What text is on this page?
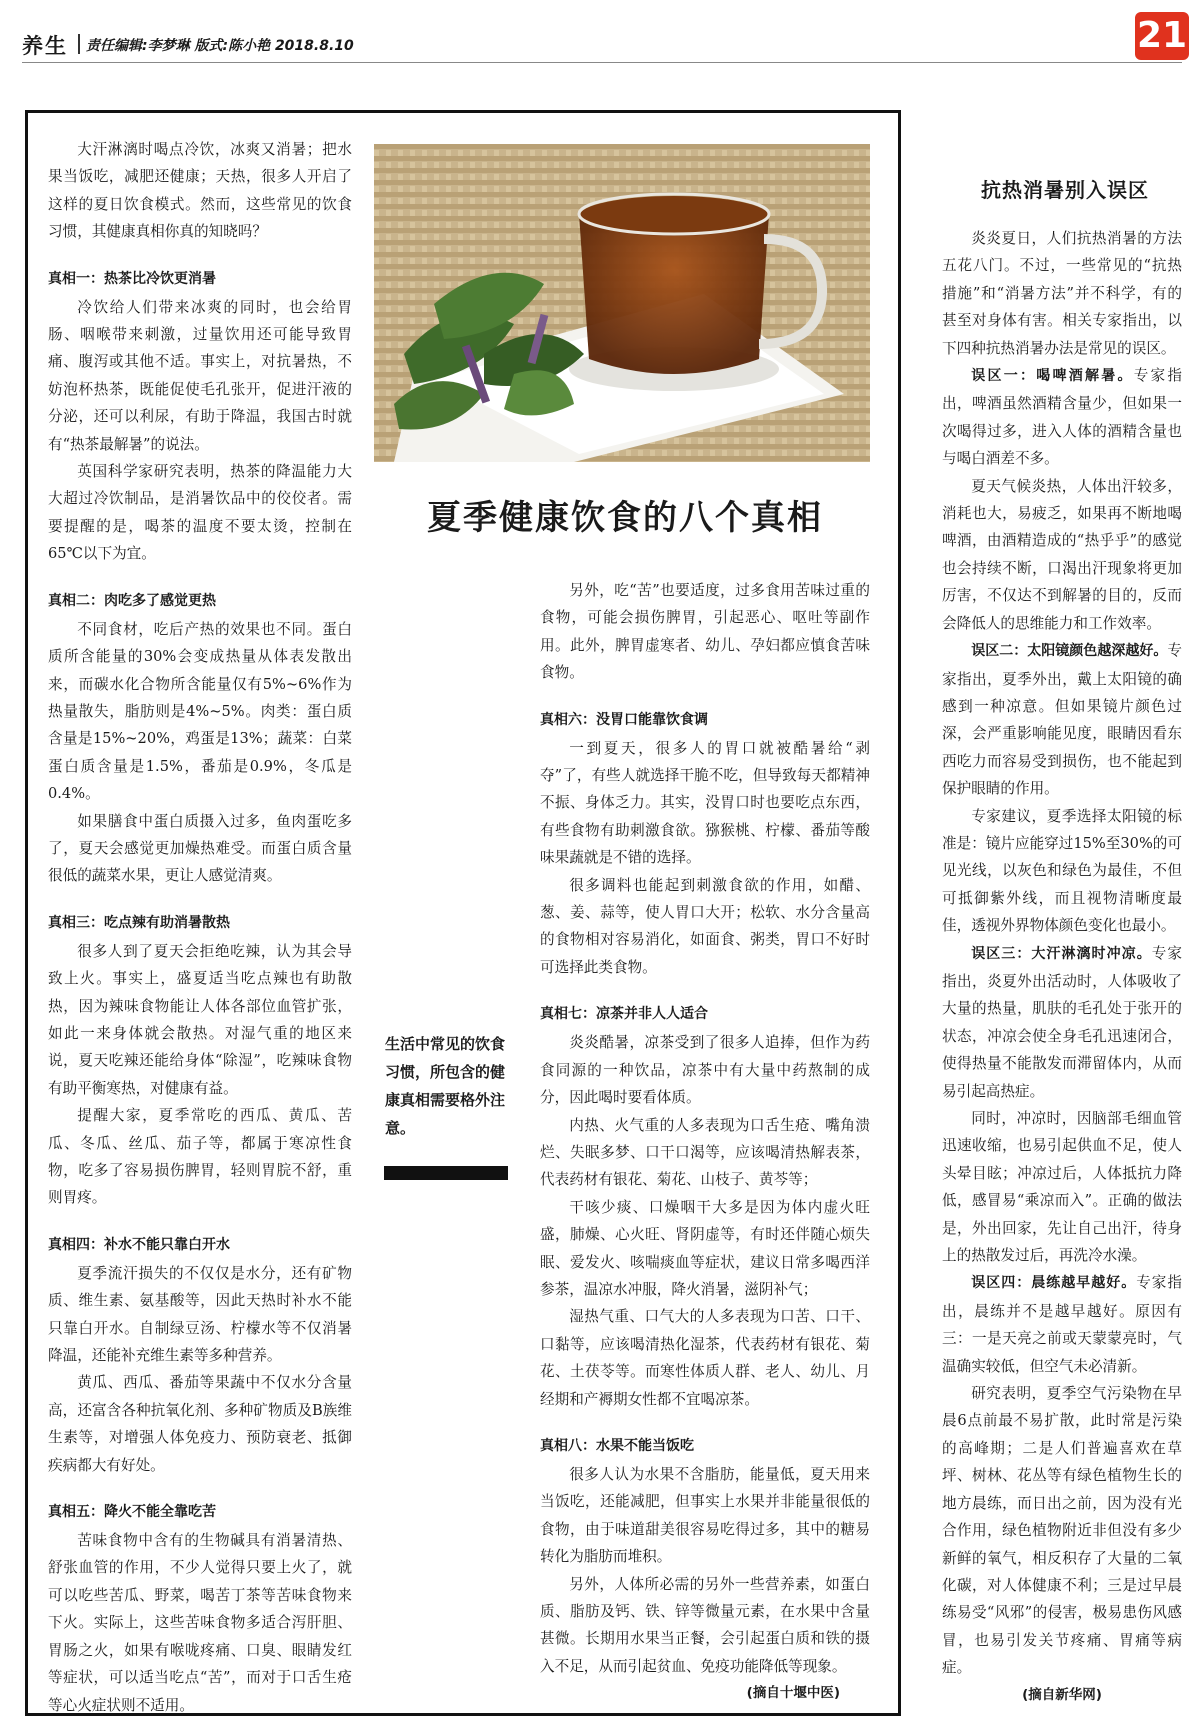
养生 责任编辑:李梦琳 版式:陈小艳 2018.8.10	21
夏季健康饮食的八个真相

大汗淋漓时喝点冷饮，冰爽又消暑；把水果当饭吃，减肥还健康；天热，很多人开启了这样的夏日饮食模式。然而，这些常见的饮食习惯，其健康真相你真的知晓吗？

真相一：热茶比冷饮更消暑

冷饮给人们带来冰爽的同时，也会给胃肠、咽喉带来刺激，过量饮用还可能导致胃痛、腹泻或其他不适。事实上，对抗暑热，不妨泡杯热茶，既能促使毛孔张开，促进汗液的分泌，还可以利尿，有助于降温，我国古时就有“热茶最解暑”的说法。

英国科学家研究表明，热茶的降温能力大大超过冷饮制品，是消暑饮品中的佼佼者。需要提醒的是，喝茶的温度不要太烫，控制在65℃以下为宜。

真相二：肉吃多了感觉更热

不同食材，吃后产热的效果也不同。蛋白质所含能量的30%会变成热量从体表发散出来，而碳水化合物所含能量仅有5%~6%作为热量散失，脂肪则是4%~5%。肉类：蛋白质含量是15%~20%，鸡蛋是13%；蔬菜：白菜蛋白质含量是1.5%，番茄是0.9%，冬瓜是0.4%。

如果膳食中蛋白质摄入过多，鱼肉蛋吃多了，夏天会感觉更加燥热难受。而蛋白质含量很低的蔬菜水果，更让人感觉清爽。

真相三：吃点辣有助消暑散热

很多人到了夏天会拒绝吃辣，认为其会导致上火。事实上，盛夏适当吃点辣也有助散热，因为辣味食物能让人体各部位血管扩张，如此一来身体就会散热。对湿气重的地区来说，夏天吃辣还能给身体“除湿”，吃辣味食物有助平衡寒热，对健康有益。

提醒大家，夏季常吃的西瓜、黄瓜、苦瓜、冬瓜、丝瓜、茄子等，都属于寒凉性食物，吃多了容易损伤脾胃，轻则胃脘不舒，重则胃疼。

真相四：补水不能只靠白开水

夏季流汗损失的不仅仅是水分，还有矿物质、维生素、氨基酸等，因此天热时补水不能只靠白开水。自制绿豆汤、柠檬水等不仅消暑降温，还能补充维生素等多种营养。

黄瓜、西瓜、番茄等果蔬中不仅水分含量高，还富含各种抗氧化剂、多种矿物质及B族维生素等，对增强人体免疫力、预防衰老、抵御疾病都大有好处。

真相五：降火不能全靠吃苦

苦味食物中含有的生物碱具有消暑清热、舒张血管的作用，不少人觉得只要上火了，就可以吃些苦瓜、野菜，喝苦丁茶等苦味食物来下火。实际上，这些苦味食物多适合泻肝胆、胃肠之火，如果有喉咙疼痛、口臭、眼睛发红等症状，可以适当吃点“苦”，而对于口舌生疮等心火症状则不适用。

生活中常见的饮食习惯，所包含的健康真相需要格外注意。

另外，吃“苦”也要适度，过多食用苦味过重的食物，可能会损伤脾胃，引起恶心、呕吐等副作用。此外，脾胃虚寒者、幼儿、孕妇都应慎食苦味食物。

真相六：没胃口能靠饮食调

一到夏天，很多人的胃口就被酷暑给“剥夺”了，有些人就选择干脆不吃，但导致每天都精神不振、身体乏力。其实，没胃口时也要吃点东西，有些食物有助刺激食欲。猕猴桃、柠檬、番茄等酸味果蔬就是不错的选择。

很多调料也能起到刺激食欲的作用，如醋、葱、姜、蒜等，使人胃口大开；松软、水分含量高的食物相对容易消化，如面食、粥类，胃口不好时可选择此类食物。

真相七：凉茶并非人人适合

炎炎酷暑，凉茶受到了很多人追捧，但作为药食同源的一种饮品，凉茶中有大量中药熬制的成分，因此喝时要看体质。

内热、火气重的人多表现为口舌生疮、嘴角溃烂、失眠多梦、口干口渴等，应该喝清热解表茶，代表药材有银花、菊花、山枝子、黄芩等；

干咳少痰、口燥咽干大多是因为体内虚火旺盛，肺燥、心火旺、肾阴虚等，有时还伴随心烦失眠、爱发火、咳喘痰血等症状，建议日常多喝西洋参茶，温凉水冲服，降火消暑，滋阴补气；

湿热气重、口气大的人多表现为口苦、口干、口黏等，应该喝清热化湿茶，代表药材有银花、菊花、土茯苓等。而寒性体质人群、老人、幼儿、月经期和产褥期女性都不宜喝凉茶。

真相八：水果不能当饭吃

很多人认为水果不含脂肪，能量低，夏天用来当饭吃，还能减肥，但事实上水果并非能量很低的食物，由于味道甜美很容易吃得过多，其中的糖易转化为脂肪而堆积。

另外，人体所必需的另外一些营养素，如蛋白质、脂肪及钙、铁、锌等微量元素，在水果中含量甚微。长期用水果当正餐，会引起蛋白质和铁的摄入不足，从而引起贫血、免疫功能降低等现象。

(摘自十堰中医)
抗热消暑别入误区

炎炎夏日，人们抗热消暑的方法五花八门。不过，一些常见的“抗热措施”和“消暑方法”并不科学，有的甚至对身体有害。相关专家指出，以下四种抗热消暑办法是常见的误区。

误区一：喝啤酒解暑。专家指出，啤酒虽然酒精含量少，但如果一次喝得过多，进入人体的酒精含量也与喝白酒差不多。

夏天气候炎热，人体出汗较多，消耗也大，易疲乏，如果再不断地喝啤酒，由酒精造成的“热乎乎”的感觉也会持续不断，口渴出汗现象将更加厉害，不仅达不到解暑的目的，反而会降低人的思维能力和工作效率。

误区二：太阳镜颜色越深越好。专家指出，夏季外出，戴上太阳镜的确感到一种凉意。但如果镜片颜色过深，会严重影响能见度，眼睛因看东西吃力而容易受到损伤，也不能起到保护眼睛的作用。

专家建议，夏季选择太阳镜的标准是：镜片应能穿过15%至30%的可见光线，以灰色和绿色为最佳，不但可抵御紫外线，而且视物清晰度最佳，透视外界物体颜色变化也最小。

误区三：大汗淋漓时冲凉。专家指出，炎夏外出活动时，人体吸收了大量的热量，肌肤的毛孔处于张开的状态，冲凉会使全身毛孔迅速闭合，使得热量不能散发而滞留体内，从而易引起高热症。

同时，冲凉时，因脑部毛细血管迅速收缩，也易引起供血不足，使人头晕目眩；冲凉过后，人体抵抗力降低，感冒易“乘凉而入”。正确的做法是，外出回家，先让自己出汗，待身上的热散发过后，再洗冷水澡。

误区四：晨练越早越好。专家指出，晨练并不是越早越好。原因有三：一是天亮之前或天蒙蒙亮时，气温确实较低，但空气未必清新。

研究表明，夏季空气污染物在早晨6点前最不易扩散，此时常是污染的高峰期；二是人们普遍喜欢在草坪、树林、花丛等有绿色植物生长的地方晨练，而日出之前，因为没有光合作用，绿色植物附近非但没有多少新鲜的氧气，相反积存了大量的二氧化碳，对人体健康不利；三是过早晨练易受“风邪”的侵害，极易患伤风感冒，也易引发关节疼痛、胃痛等病症。

(摘自新华网)
